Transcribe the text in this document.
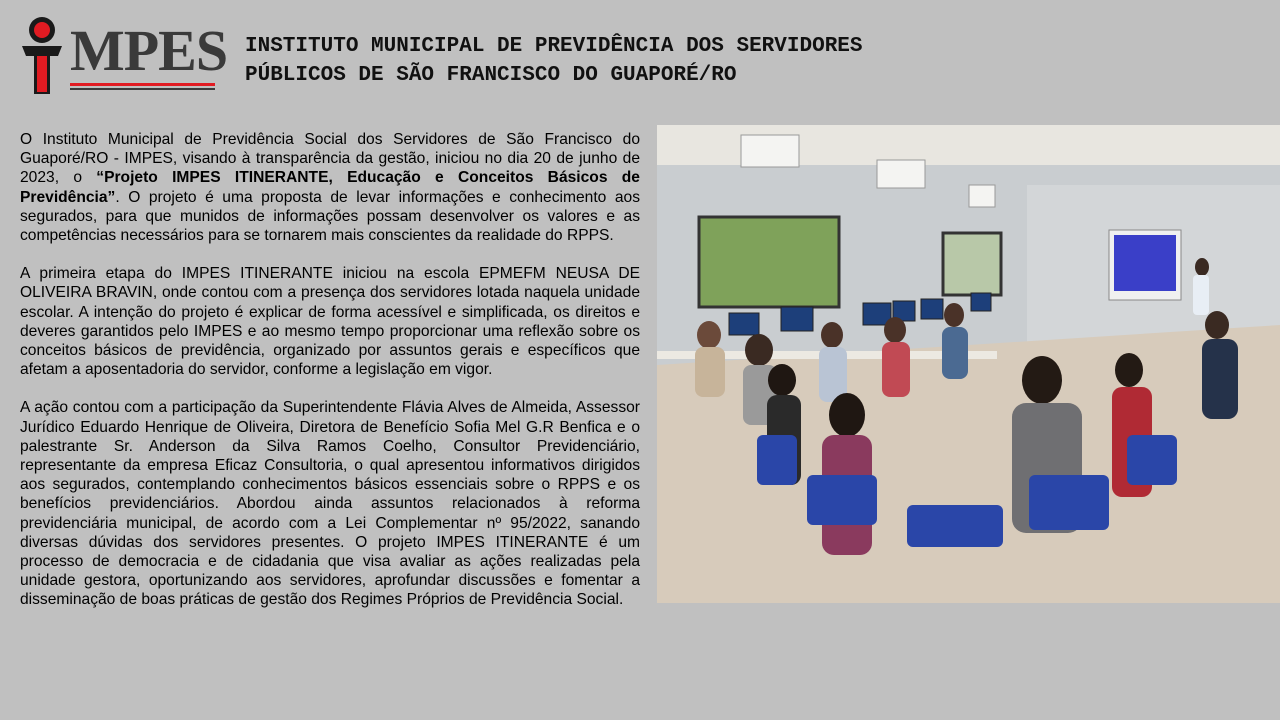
MPES INSTITUTO MUNICIPAL DE PREVIDÊNCIA DOS SERVIDORES
PÚBLICOS DE SÃO FRANCISCO DO GUAPORÉ/RO

O Instituto Municipal de Previdência Social dos Servidores de São Francisco do Guaporé/RO - IMPES, visando à transparência da gestão, iniciou no dia 20 de junho de 2023, o “Projeto IMPES ITINERANTE, Educação e Conceitos Básicos de Previdência”. O projeto é uma proposta de levar informações e conhecimento aos segurados, para que munidos de informações possam desenvolver os valores e as competências necessários para se tornarem mais conscientes da realidade do RPPS.

A primeira etapa do IMPES ITINERANTE iniciou na escola EPMEFM NEUSA DE OLIVEIRA BRAVIN, onde contou com a presença dos servidores lotada naquela unidade escolar. A intenção do projeto é explicar de forma acessível e simplificada, os direitos e deveres garantidos pelo IMPES e ao mesmo tempo proporcionar uma reflexão sobre os conceitos básicos de previdência, organizado por assuntos gerais e específicos que afetam a aposentadoria do servidor, conforme a legislação em vigor.

A ação contou com a participação da Superintendente Flávia Alves de Almeida, Assessor Jurídico Eduardo Henrique de Oliveira, Diretora de Benefício Sofia Mel G.R Benfica e o palestrante Sr. Anderson da Silva Ramos Coelho, Consultor Previdenciário, representante da empresa Eficaz Consultoria, o qual apresentou informativos dirigidos aos segurados, contemplando conhecimentos básicos essenciais sobre o RPPS e os benefícios previdenciários. Abordou ainda assuntos relacionados à reforma previdenciária municipal, de acordo com a Lei Complementar nº 95/2022, sanando diversas dúvidas dos servidores presentes. O projeto IMPES ITINERANTE é um processo de democracia e de cidadania que visa avaliar as ações realizadas pela unidade gestora, oportunizando aos servidores, aprofundar discussões e fomentar a disseminação de boas práticas de gestão dos Regimes Próprios de Previdência Social.
